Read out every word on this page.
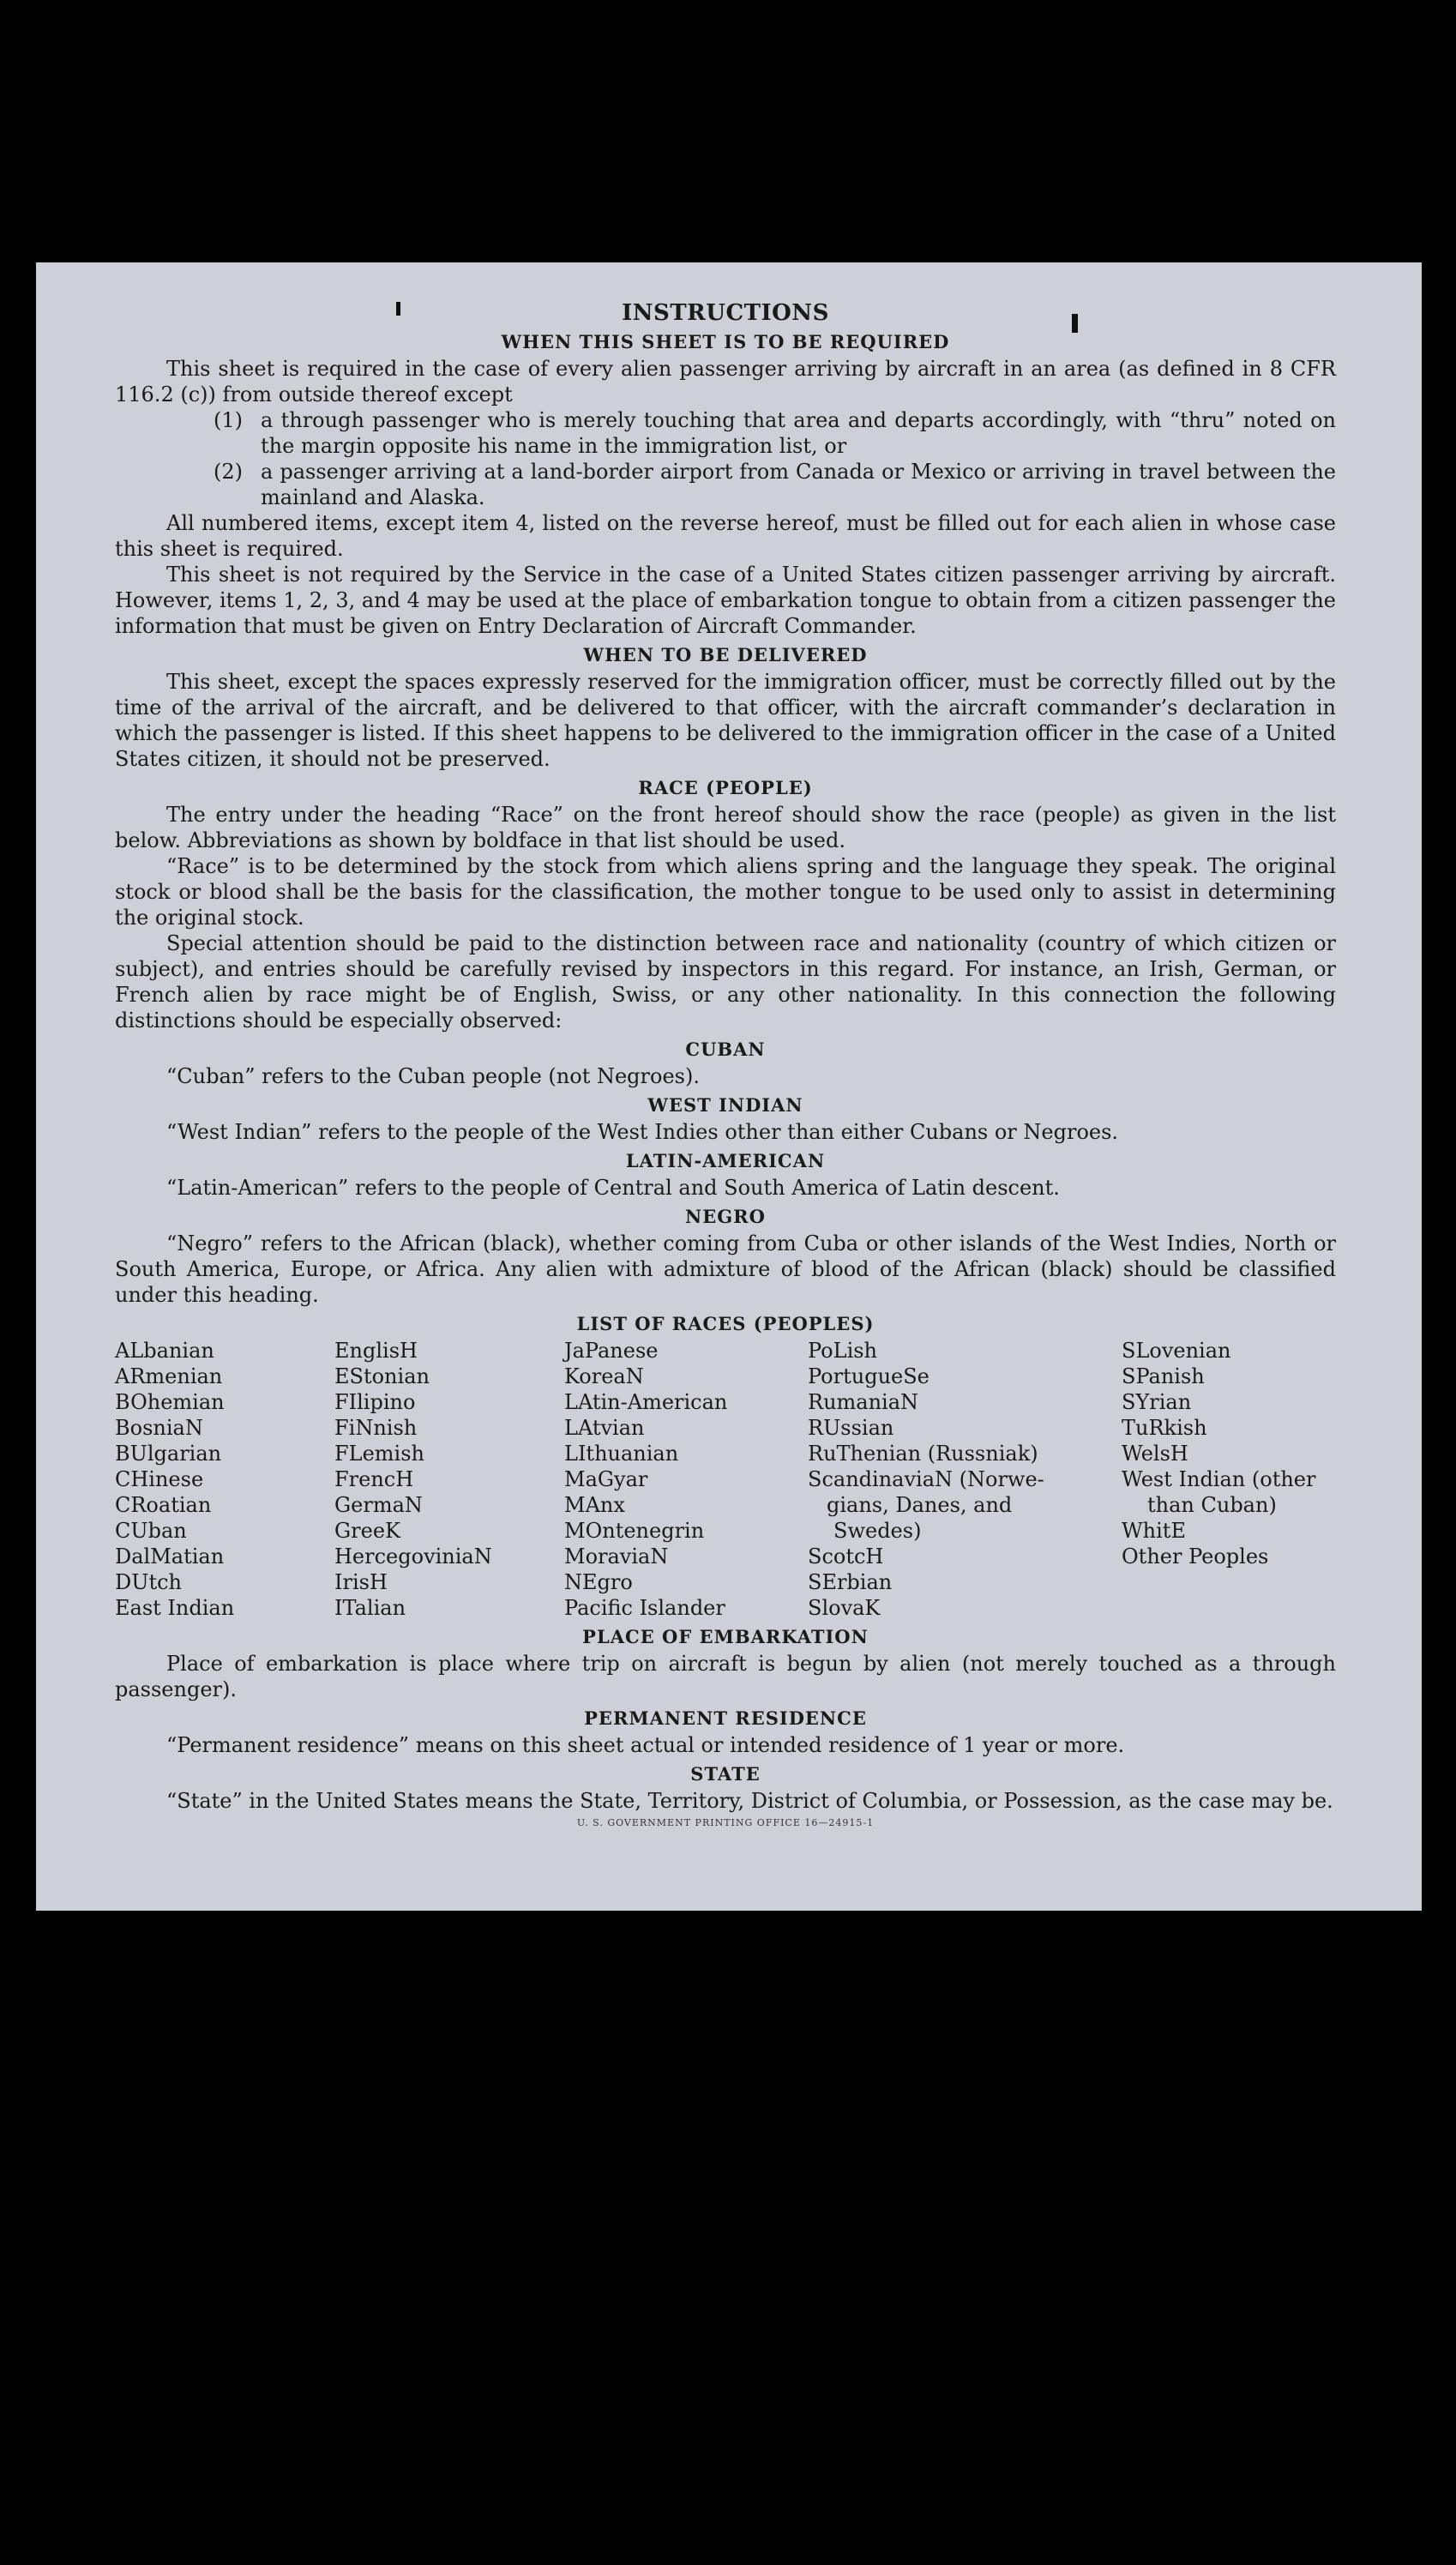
INSTRUCTIONS
WHEN THIS SHEET IS TO BE REQUIRED

This sheet is required in the case of every alien passenger arriving by aircraft in an area (as defined in 8 CFR 116.2 (c)) from outside thereof except

(1) a through passenger who is merely touching that area and departs accordingly, with “thru” noted on the margin opposite his name in the immigration list, or
(2) a passenger arriving at a land-border airport from Canada or Mexico or arriving in travel between the mainland and Alaska.

All numbered items, except item 4, listed on the reverse hereof, must be filled out for each alien in whose case this sheet is required.

This sheet is not required by the Service in the case of a United States citizen passenger arriving by aircraft. However, items 1, 2, 3, and 4 may be used at the place of embarkation tongue to obtain from a citizen passenger the information that must be given on Entry Declaration of Aircraft Commander.

WHEN TO BE DELIVERED

This sheet, except the spaces expressly reserved for the immigration officer, must be correctly filled out by the time of the arrival of the aircraft, and be delivered to that officer, with the aircraft commander’s declaration in which the passenger is listed. If this sheet happens to be delivered to the immigration officer in the case of a United States citizen, it should not be preserved.

RACE (PEOPLE)

The entry under the heading “Race” on the front hereof should show the race (people) as given in the list below. Abbreviations as shown by boldface in that list should be used.

“Race” is to be determined by the stock from which aliens spring and the language they speak. The original stock or blood shall be the basis for the classification, the mother tongue to be used only to assist in determining the original stock.

Special attention should be paid to the distinction between race and nationality (country of which citizen or subject), and entries should be carefully revised by inspectors in this regard. For instance, an Irish, German, or French alien by race might be of English, Swiss, or any other nationality. In this connection the following distinctions should be especially observed:

CUBAN

“Cuban” refers to the Cuban people (not Negroes).

WEST INDIAN

“West Indian” refers to the people of the West Indies other than either Cubans or Negroes.

LATIN-AMERICAN

“Latin-American” refers to the people of Central and South America of Latin descent.

NEGRO

“Negro” refers to the African (black), whether coming from Cuba or other islands of the West Indies, North or South America, Europe, or Africa. Any alien with admixture of blood of the African (black) should be classified under this heading.

LIST OF RACES (PEOPLES)
ALbanian
ARmenian
BOhemian
BosniaN
BUlgarian
CHinese
CRoatian
CUban
DalMatian
DUtch
East Indian
EnglisH
EStonian
FIlipino
FiNnish
FLemish
FrencH
GermaN
GreeK
HercegoviniaN
IrisH
ITalian
JaPanese
KoreaN
LAtin-American
LAtvian
LIthuanian
MaGyar
MAnx
MOntenegrin
MoraviaN
NEgro
Pacific Islander
PoLish
PortugueSe
RumaniaN
RUssian
RuThenian (Russniak)
ScandinaviaN (Norwe-
gians, Danes, and
Swedes)
ScotcH
SErbian
SlovaK
SLovenian
SPanish
SYrian
TuRkish
WelsH
West Indian (other
than Cuban)
WhitE
Other Peoples
PLACE OF EMBARKATION

Place of embarkation is place where trip on aircraft is begun by alien (not merely touched as a through passenger).

PERMANENT RESIDENCE

“Permanent residence” means on this sheet actual or intended residence of 1 year or more.

STATE

“State” in the United States means the State, Territory, District of Columbia, or Possession, as the case may be.

U. S. GOVERNMENT PRINTING OFFICE 16—24915-1
